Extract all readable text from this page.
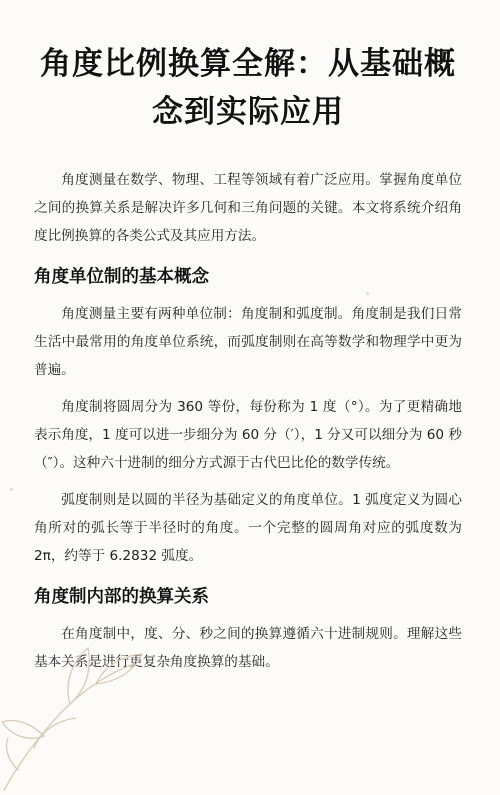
角度比例换算全解：从基础概念到实际应用

角度测量在数学、物理、工程等领域有着广泛应用。掌握角度单位之间的换算关系是解决许多几何和三角问题的关键。本文将系统介绍角度比例换算的各类公式及其应用方法。

角度单位制的基本概念

角度测量主要有两种单位制：角度制和弧度制。角度制是我们日常生活中最常用的角度单位系统，而弧度制则在高等数学和物理学中更为普遍。

角度制将圆周分为 360 等份，每份称为 1 度（°）。为了更精确地表示角度，1 度可以进一步细分为 60 分（′），1 分又可以细分为 60 秒（″）。这种六十进制的细分方式源于古代巴比伦的数学传统。

弧度制则是以圆的半径为基础定义的角度单位。1 弧度定义为圆心角所对的弧长等于半径时的角度。一个完整的圆周角对应的弧度数为 2π，约等于 6.2832 弧度。

角度制内部的换算关系

在角度制中，度、分、秒之间的换算遵循六十进制规则。理解这些基本关系是进行更复杂角度换算的基础。
